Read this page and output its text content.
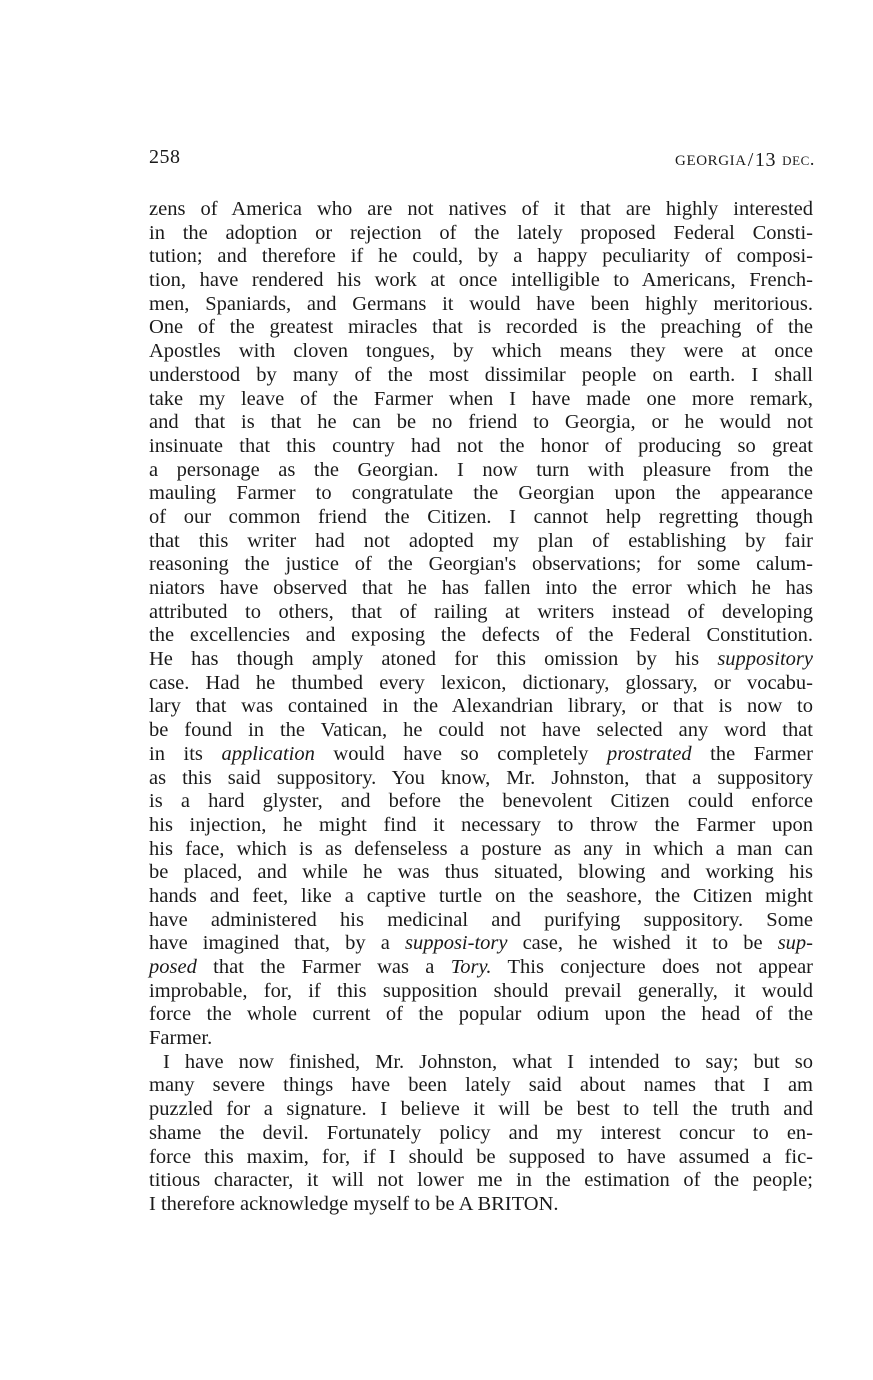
258	GEORGIA/13 dec.
zens of America who are not natives of it that are highly interested
in the adoption or rejection of the lately proposed Federal Consti-
tution; and therefore if he could, by a happy peculiarity of composi-
tion, have rendered his work at once intelligible to Americans, French-
men, Spaniards, and Germans it would have been highly meritorious.
One of the greatest miracles that is recorded is the preaching of the
Apostles with cloven tongues, by which means they were at once
understood by many of the most dissimilar people on earth. I shall
take my leave of the Farmer when I have made one more remark,
and that is that he can be no friend to Georgia, or he would not
insinuate that this country had not the honor of producing so great
a personage as the Georgian. I now turn with pleasure from the
mauling Farmer to congratulate the Georgian upon the appearance
of our common friend the Citizen. I cannot help regretting though
that this writer had not adopted my plan of establishing by fair
reasoning the justice of the Georgian's observations; for some calum-
niators have observed that he has fallen into the error which he has
attributed to others, that of railing at writers instead of developing
the excellencies and exposing the defects of the Federal Constitution.
He has though amply atoned for this omission by his suppository
case. Had he thumbed every lexicon, dictionary, glossary, or vocabu-
lary that was contained in the Alexandrian library, or that is now to
be found in the Vatican, he could not have selected any word that
in its application would have so completely prostrated the Farmer
as this said suppository. You know, Mr. Johnston, that a suppository
is a hard glyster, and before the benevolent Citizen could enforce
his injection, he might find it necessary to throw the Farmer upon
his face, which is as defenseless a posture as any in which a man can
be placed, and while he was thus situated, blowing and working his
hands and feet, like a captive turtle on the seashore, the Citizen might
have administered his medicinal and purifying suppository. Some
have imagined that, by a supposi-tory case, he wished it to be sup-
posed that the Farmer was a Tory. This conjecture does not appear
improbable, for, if this supposition should prevail generally, it would
force the whole current of the popular odium upon the head of the
Farmer.
I have now finished, Mr. Johnston, what I intended to say; but so
many severe things have been lately said about names that I am
puzzled for a signature. I believe it will be best to tell the truth and
shame the devil. Fortunately policy and my interest concur to en-
force this maxim, for, if I should be supposed to have assumed a fic-
titious character, it will not lower me in the estimation of the people;
I therefore acknowledge myself to be A BRITON.
